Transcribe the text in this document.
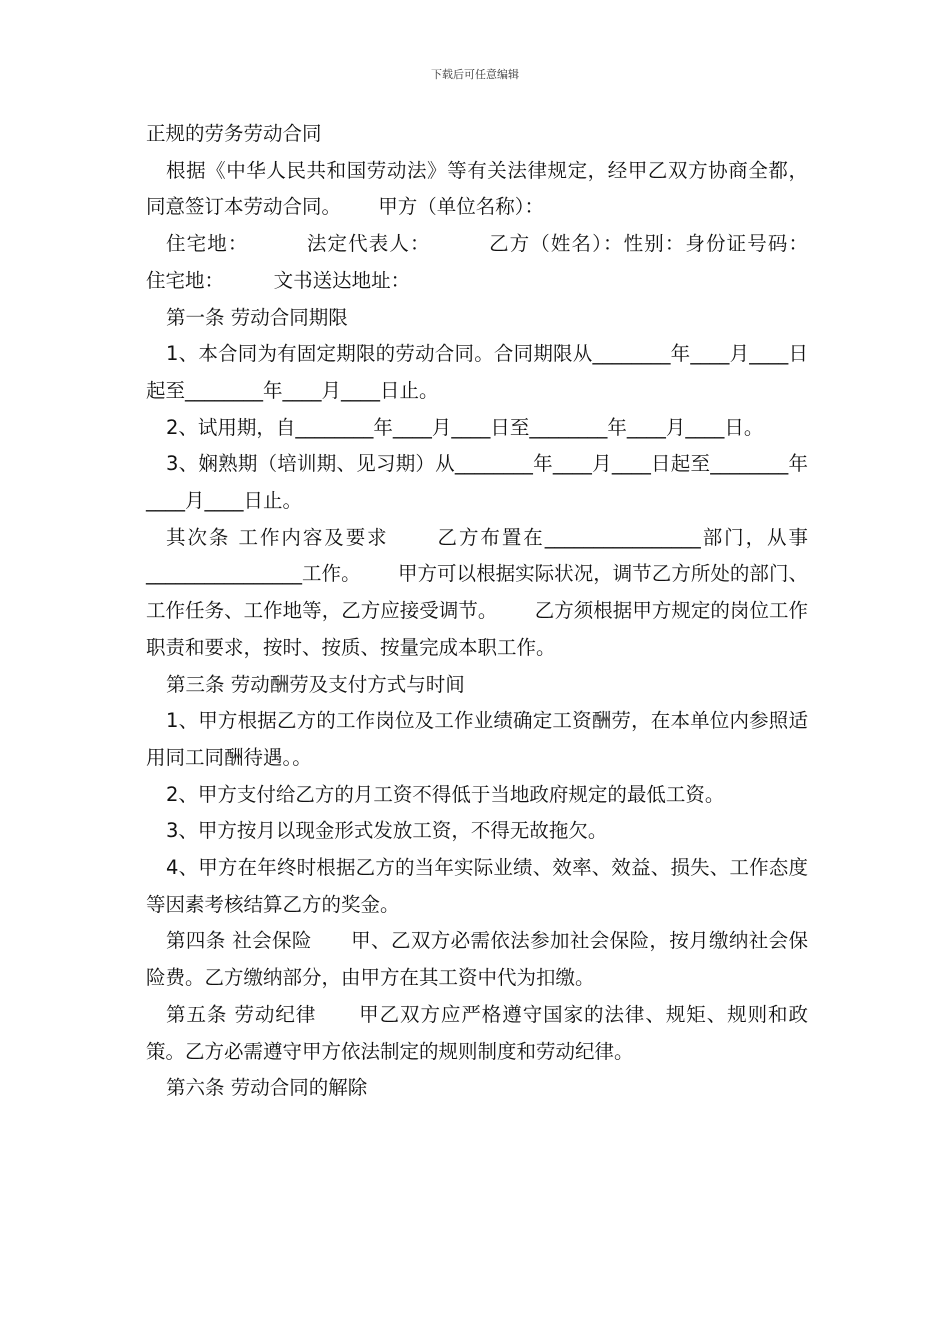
下载后可任意编辑

正规的劳务劳动合同

根据《中华人民共和国劳动法》等有关法律规定，经甲乙双方协商全都，同意签订本劳动合同。      甲方（单位名称）：

住宅地：        法定代表人：        乙方（姓名）：性别：身份证号码：        住宅地：        文书送达地址：

第一条 劳动合同期限

1、本合同为有固定期限的劳动合同。合同期限从________年____月____日起至________年____月____日止。

2、试用期，自________年____月____日至________年____月____日。

3、娴熟期（培训期、见习期）从________年____月____日起至________年____月____日止。

其次条 工作内容及要求      乙方布置在________________部门，从事________________工作。      甲方可以根据实际状况，调节乙方所处的部门、工作任务、工作地等，乙方应接受调节。      乙方须根据甲方规定的岗位工作职责和要求，按时、按质、按量完成本职工作。

第三条 劳动酬劳及支付方式与时间

1、甲方根据乙方的工作岗位及工作业绩确定工资酬劳，在本单位内参照适用同工同酬待遇。。

2、甲方支付给乙方的月工资不得低于当地政府规定的最低工资。

3、甲方按月以现金形式发放工资，不得无故拖欠。

4、甲方在年终时根据乙方的当年实际业绩、效率、效益、损失、工作态度等因素考核结算乙方的奖金。

第四条 社会保险      甲、乙双方必需依法参加社会保险，按月缴纳社会保险费。乙方缴纳部分，由甲方在其工资中代为扣缴。

第五条 劳动纪律      甲乙双方应严格遵守国家的法律、规矩、规则和政策。乙方必需遵守甲方依法制定的规则制度和劳动纪律。

第六条 劳动合同的解除
